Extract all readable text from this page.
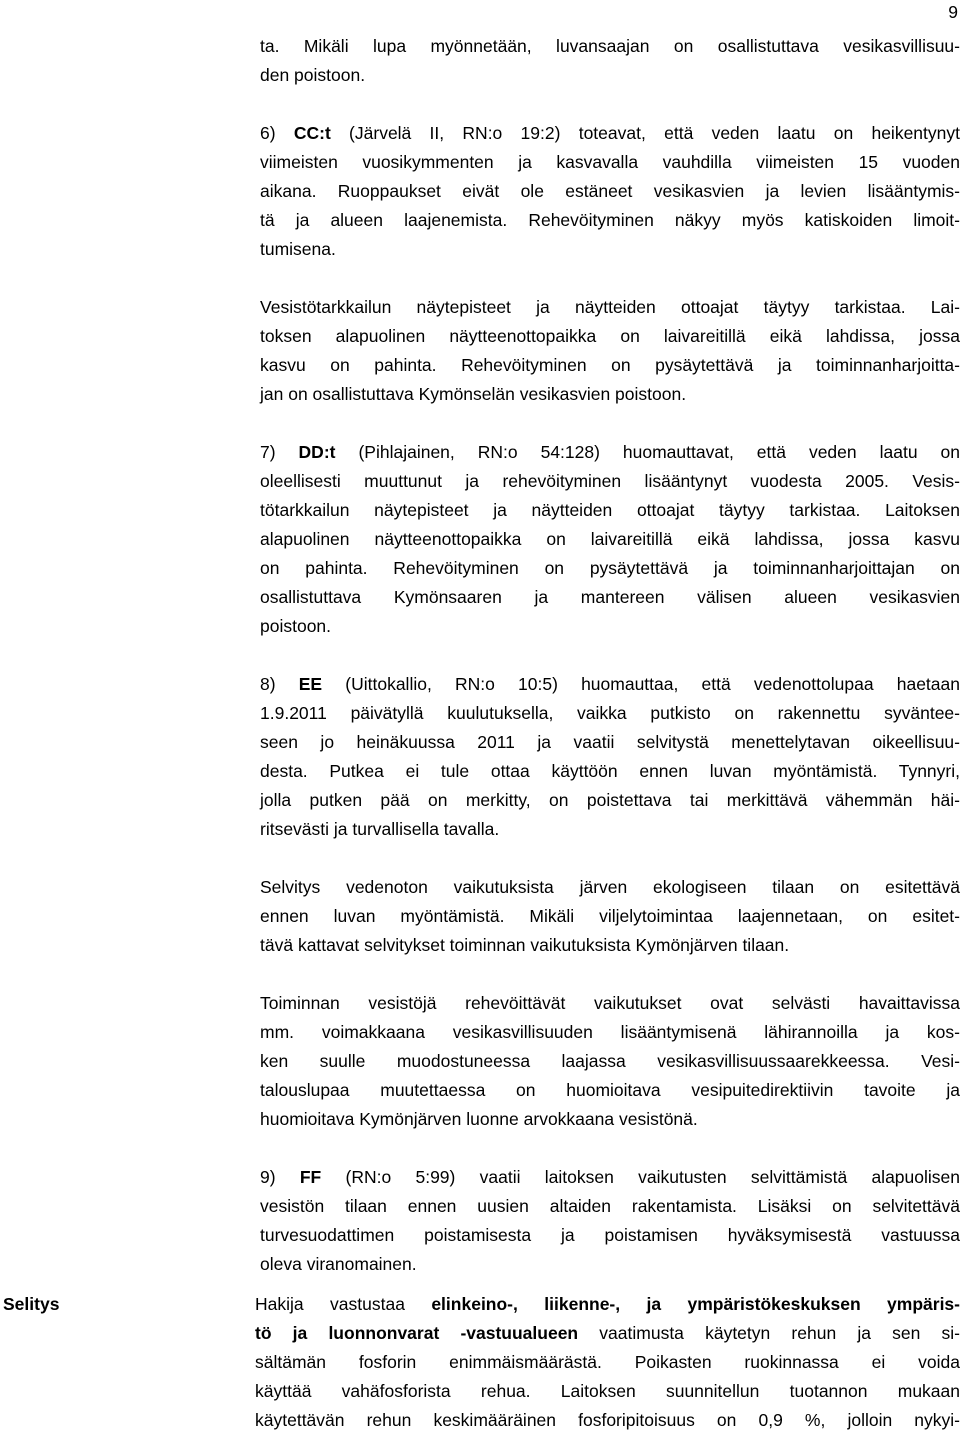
9
ta. Mikäli lupa myönnetään, luvansaajan on osallistuttava vesikasvillisuu-
den poistoon.
6) CC:t (Järvelä II, RN:o 19:2) toteavat, että veden laatu on heikentynyt
viimeisten vuosikymmenten ja kasvavalla vauhdilla viimeisten 15 vuoden
aikana. Ruoppaukset eivät ole estäneet vesikasvien ja levien lisääntymis-
tä ja alueen laajenemista. Rehevöityminen näkyy myös katiskoiden limoit-
tumisena.
Vesistötarkkailun näytepisteet ja näytteiden ottoajat täytyy tarkistaa. Lai-
toksen alapuolinen näytteenottopaikka on laivareitillä eikä lahdissa, jossa
kasvu on pahinta. Rehevöityminen on pysäytettävä ja toiminnanharjoitta-
jan on osallistuttava Kymönselän vesikasvien poistoon.
7) DD:t (Pihlajainen, RN:o 54:128) huomauttavat, että veden laatu on
oleellisesti muuttunut ja rehevöityminen lisääntynyt vuodesta 2005. Vesis-
tötarkkailun näytepisteet ja näytteiden ottoajat täytyy tarkistaa. Laitoksen
alapuolinen näytteenottopaikka on laivareitillä eikä lahdissa, jossa kasvu
on pahinta. Rehevöityminen on pysäytettävä ja toiminnanharjoittajan on
osallistuttava Kymönsaaren ja mantereen välisen alueen vesikasvien
poistoon.
8) EE (Uittokallio, RN:o 10:5) huomauttaa, että vedenottolupaa haetaan
1.9.2011 päivätyllä kuulutuksella, vaikka putkisto on rakennettu syväntee-
seen jo heinäkuussa 2011 ja vaatii selvitystä menettelytavan oikeellisuu-
desta. Putkea ei tule ottaa käyttöön ennen luvan myöntämistä. Tynnyri,
jolla putken pää on merkitty, on poistettava tai merkittävä vähemmän häi-
ritsevästi ja turvallisella tavalla.
Selvitys vedenoton vaikutuksista järven ekologiseen tilaan on esitettävä
ennen luvan myöntämistä. Mikäli viljelytoimintaa laajennetaan, on esitet-
tävä kattavat selvitykset toiminnan vaikutuksista Kymönjärven tilaan.
Toiminnan vesistöjä rehevöittävät vaikutukset ovat selvästi havaittavissa
mm. voimakkaana vesikasvillisuuden lisääntymisenä lähirannoilla ja kos-
ken suulle muodostuneessa laajassa vesikasvillisuussaarekkeessa. Vesi-
talouslupaa muutettaessa on huomioitava vesipuitedirektiivin tavoite ja
huomioitava Kymönjärven luonne arvokkaana vesistönä.
9) FF (RN:o 5:99) vaatii laitoksen vaikutusten selvittämistä alapuolisen
vesistön tilaan ennen uusien altaiden rakentamista. Lisäksi on selvitettävä
turvesuodattimen poistamisesta ja poistamisen hyväksymisestä vastuussa
oleva viranomainen.
Selitys	Hakija vastustaa elinkeino-, liikenne-, ja ympäristökeskuksen ympäris-
tö ja luonnonvarat -vastuualueen vaatimusta käytetyn rehun ja sen si-
sältämän fosforin enimmäismäärästä. Poikasten ruokinnassa ei voida
käyttää vahäfosforista rehua. Laitoksen suunnitellun tuotannon mukaan
käytettävän rehun keskimääräinen fosforipitoisuus on 0,9 %, jolloin nykyi-
